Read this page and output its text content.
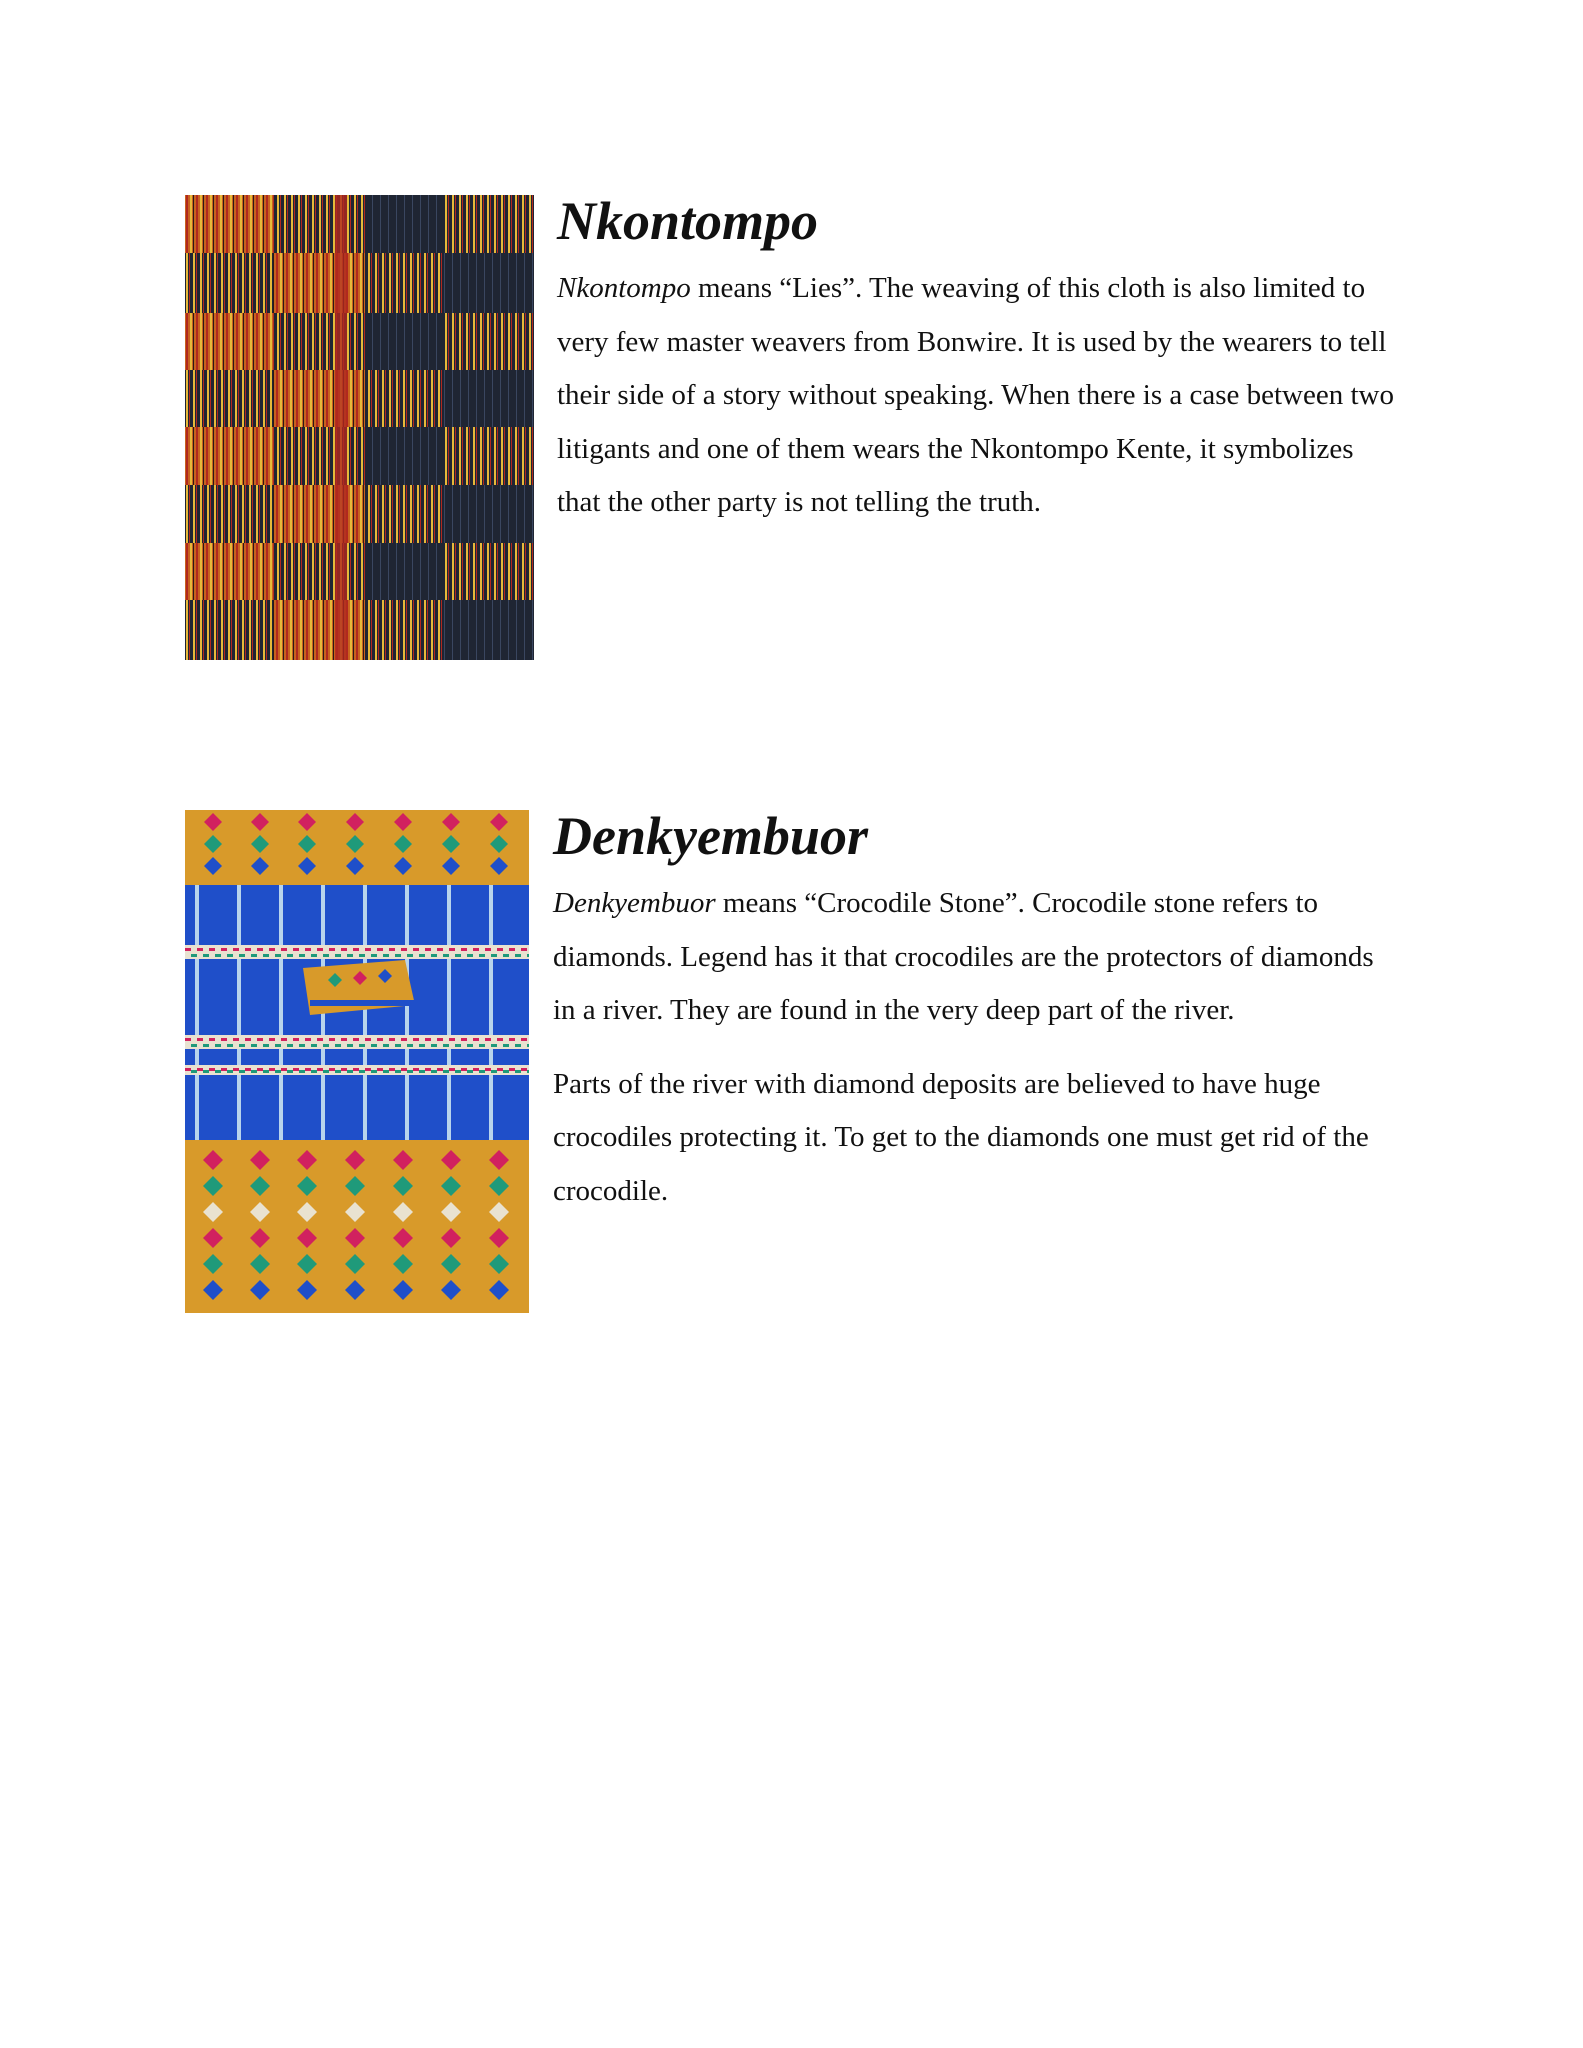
Nkontompo

Nkontompo means “Lies”. The weaving of this cloth is also limited to very few master weavers from Bonwire. It is used by the wearers to tell their side of a story without speaking. When there is a case between two litigants and one of them wears the Nkontompo Kente, it symbolizes that the other party is not telling the truth.

Denkyembuor

Denkyembuor means “Crocodile Stone”. Crocodile stone refers to diamonds. Legend has it that crocodiles are the protectors of diamonds in a river. They are found in the very deep part of the river.

Parts of the river with diamond deposits are believed to have huge crocodiles protecting it. To get to the diamonds one must get rid of the crocodile.
